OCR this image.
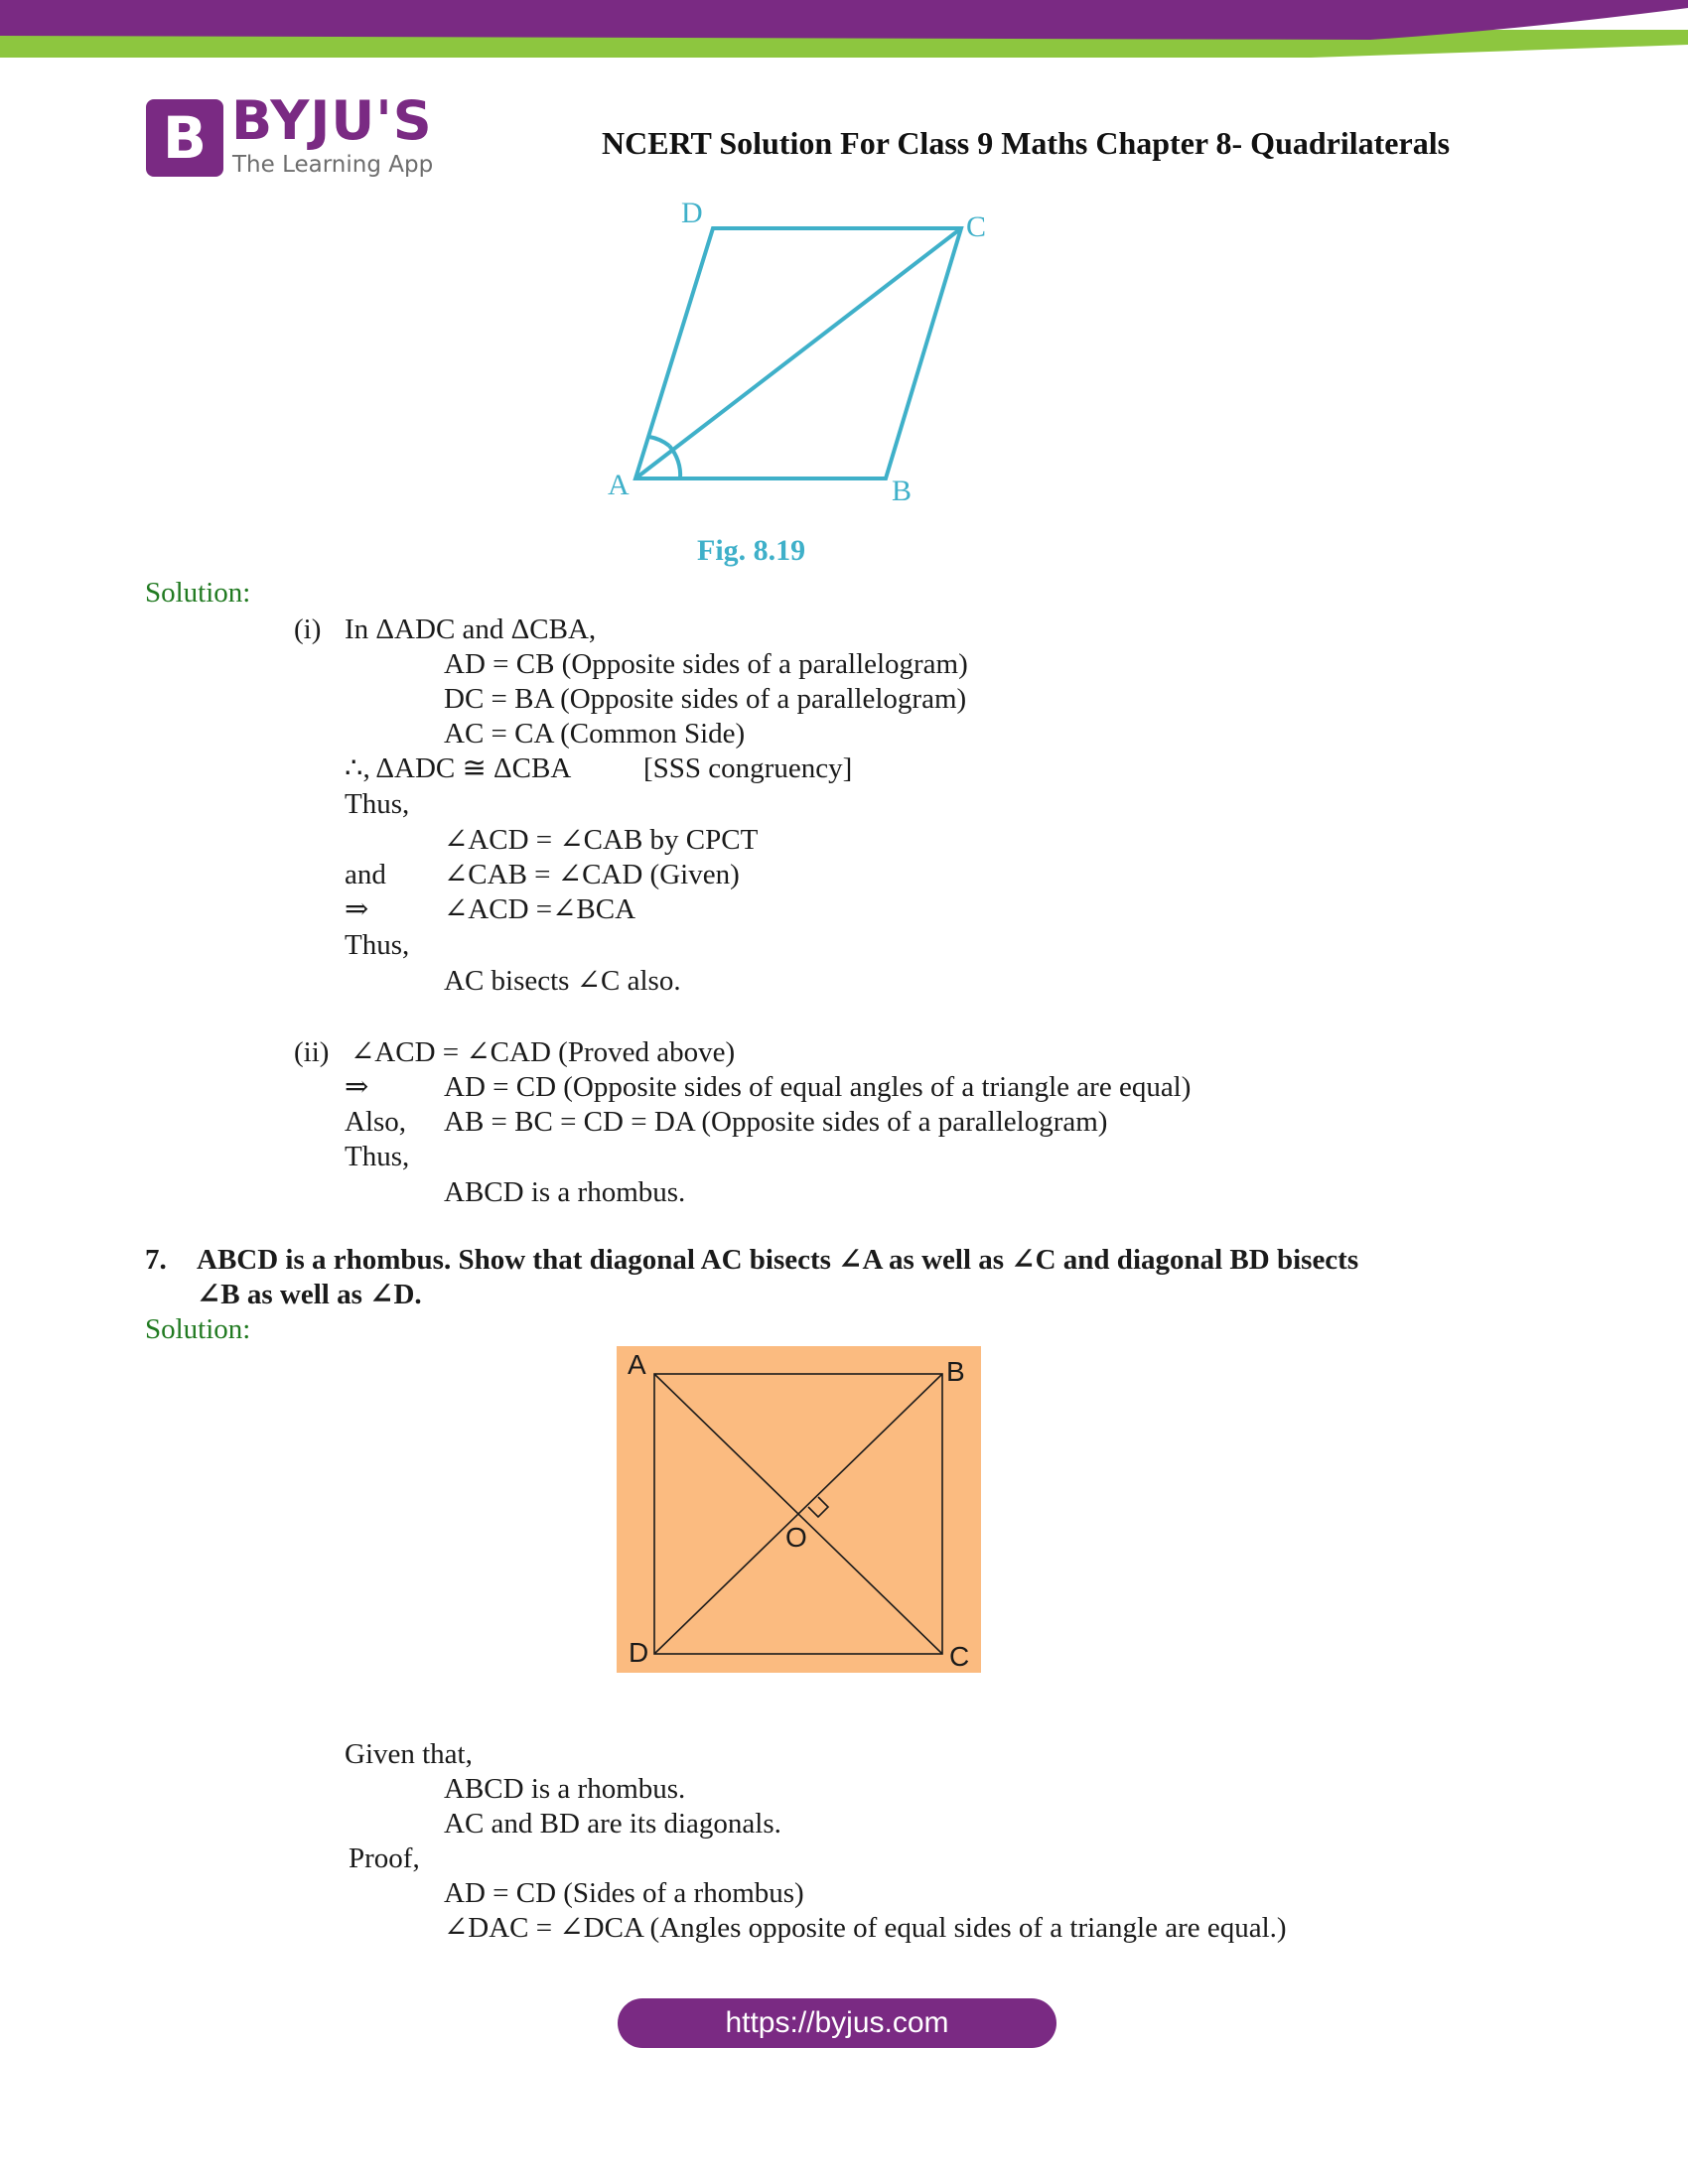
B BYJU'S
The Learning App
NCERT Solution For Class 9 Maths Chapter 8- Quadrilaterals
D	C
A	B
Fig. 8.19
Solution:
(i) In ΔADC and ΔCBA,
AD = CB (Opposite sides of a parallelogram)
DC = BA (Opposite sides of a parallelogram)
AC = CA (Common Side)
∴, ΔADC ≅ ΔCBA	[SSS congruency]
Thus,
∠ACD = ∠CAB by CPCT
and ∠CAB = ∠CAD (Given)
⇒	∠ACD =∠BCA
Thus,
AC bisects ∠C also.
(ii) ∠ACD = ∠CAD (Proved above)
⇒	AD = CD (Opposite sides of equal angles of a triangle are equal)
Also, AB = BC = CD = DA (Opposite sides of a parallelogram)
Thus,
ABCD is a rhombus.
7. ABCD is a rhombus. Show that diagonal AC bisects ∠A as well as ∠C and diagonal BD bisects
∠B as well as ∠D.
Solution:
A	B
C
D
O
Given that,
ABCD is a rhombus.
AC and BD are its diagonals.
Proof,
AD = CD (Sides of a rhombus)
∠DAC = ∠DCA (Angles opposite of equal sides of a triangle are equal.)
https://byjus.com
